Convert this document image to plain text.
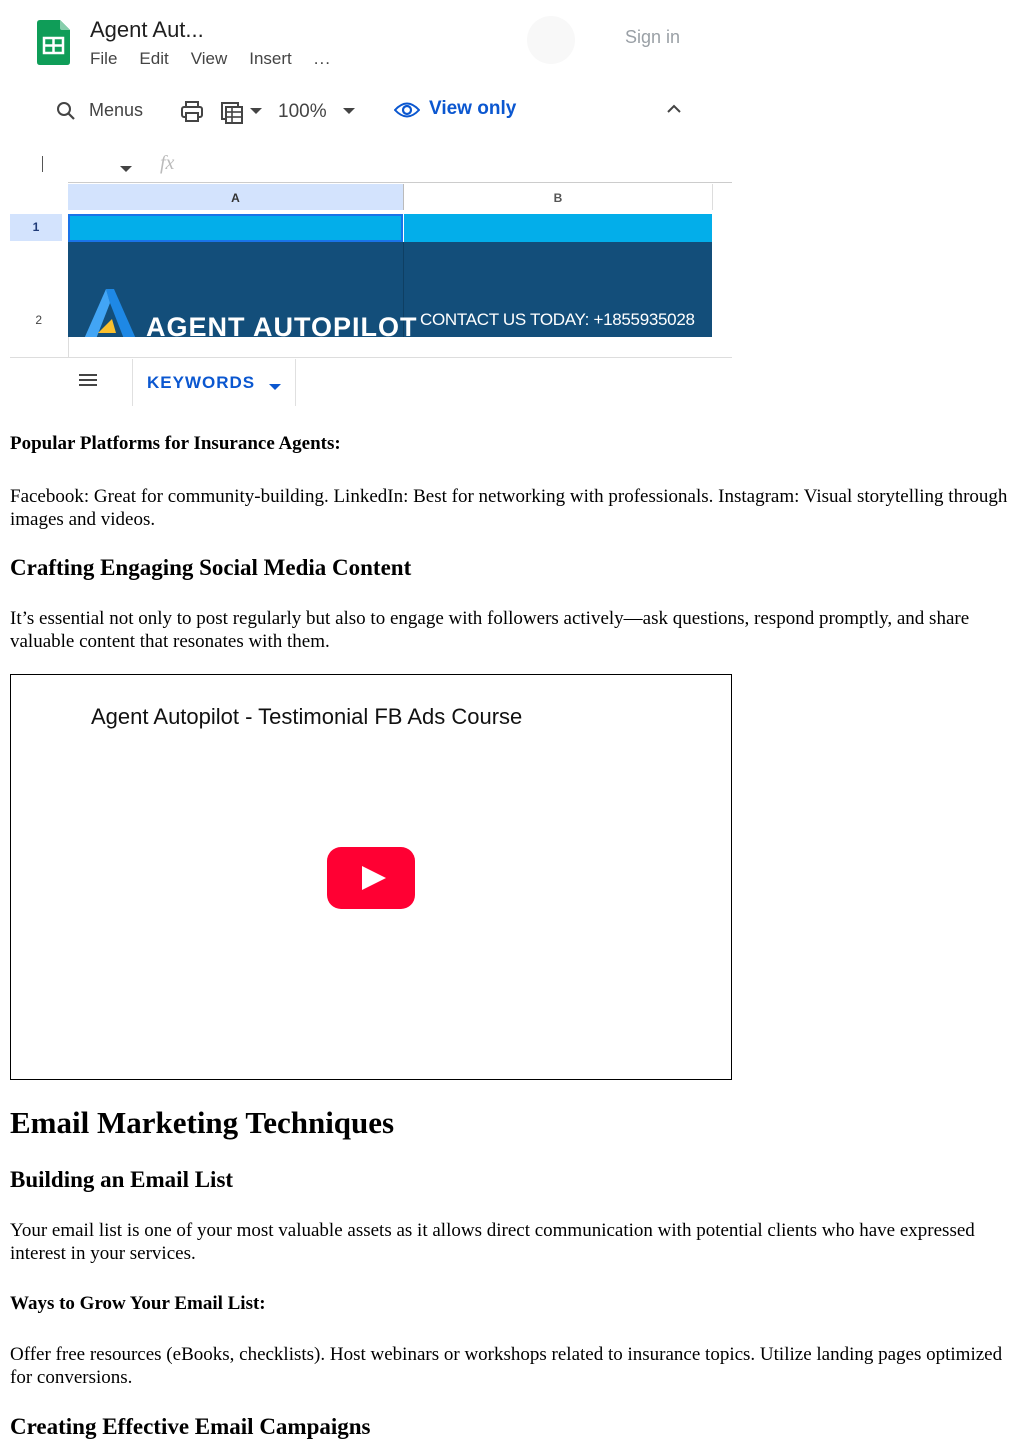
Agent Aut...
File Edit View Insert ...
Sign in
Menus	100%	View only
fx
A	B
1
2	AGENT AUTOPILOT CONTACT US TODAY: +1855935028
KEYWORDS
Popular Platforms for Insurance Agents:
Facebook: Great for community-building. LinkedIn: Best for networking with professionals. Instagram: Visual storytelling through images and videos.
Crafting Engaging Social Media Content
It’s essential not only to post regularly but also to engage with followers actively—ask questions, respond promptly, and share valuable content that resonates with them.
Email Marketing Techniques
Building an Email List
Your email list is one of your most valuable assets as it allows direct communication with potential clients who have expressed interest in your services.
Ways to Grow Your Email List:
Offer free resources (eBooks, checklists). Host webinars or workshops related to insurance topics. Utilize landing pages optimized for conversions.
Creating Effective Email Campaigns
Agent Autopilot - Testimonial FB Ads Course
